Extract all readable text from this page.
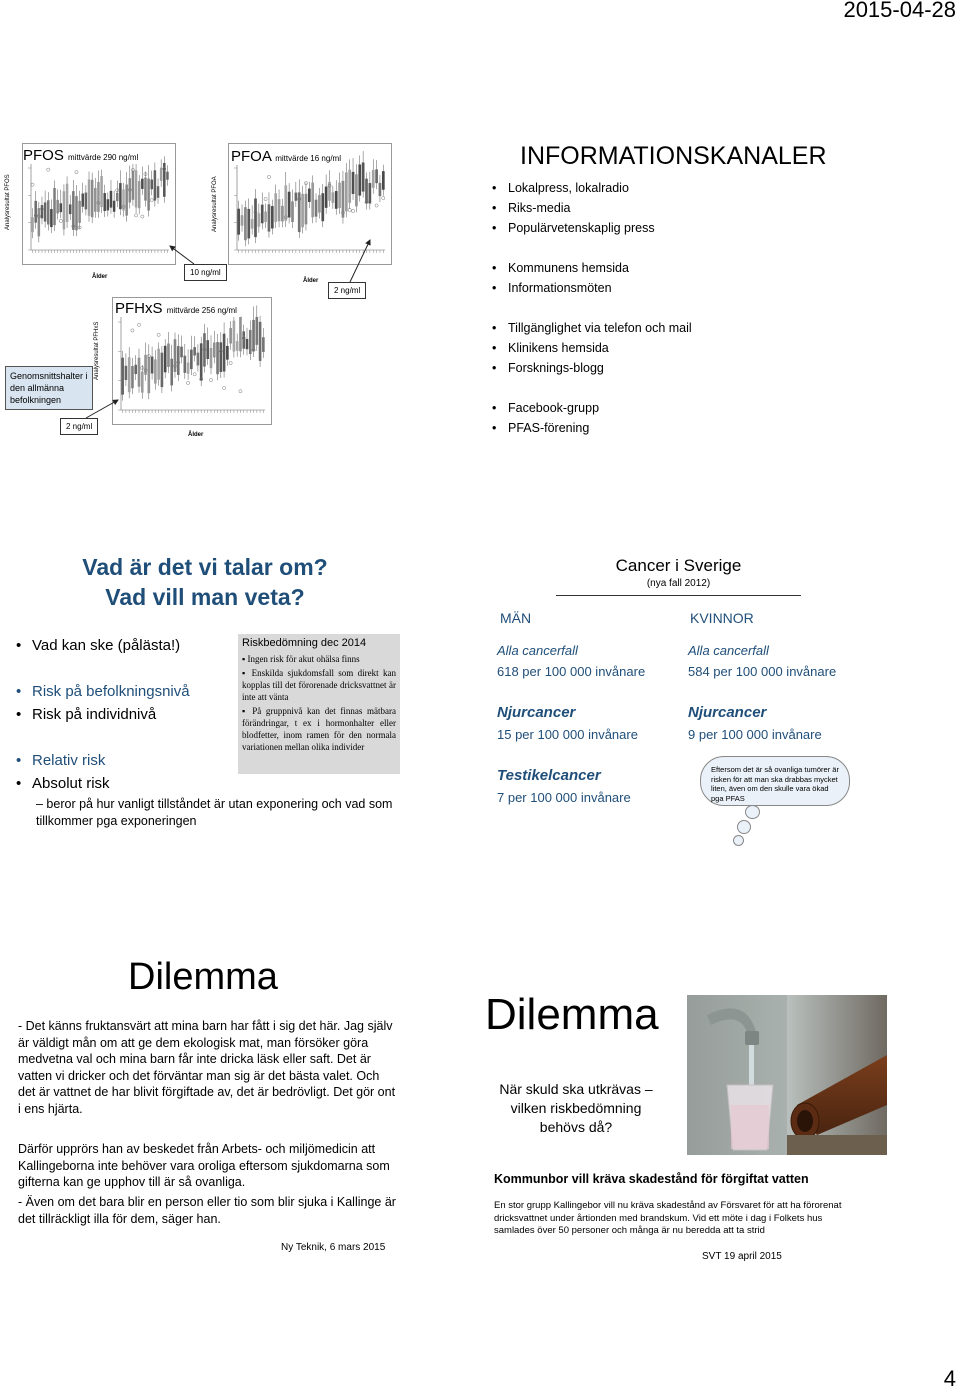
2015-04-28
4
PFOS mittvärde 290 ng/ml
Analysresultat PFOS
Ålder
PFOA mittvärde 16 ng/ml
Analysresultat PFOA
Ålder
PFHxS mittvärde 256 ng/ml
Analysresultat PFHxS
Ålder
10 ng/ml
2 ng/ml
2 ng/ml
Genomsnittshalter i den allmänna befolkningen
INFORMATIONSKANALER
• Lokalpress, lokalradio
• Riks-media
• Populärvetenskaplig press
• Kommunens hemsida
• Informationsmöten
• Tillgänglighet via telefon och mail
• Klinikens hemsida
• Forsknings-blogg
• Facebook-grupp
• PFAS-förening
Vad är det vi talar om?
Vad vill man veta?
• Vad kan ske (pålästa!)
• Risk på befolkningsnivå
• Risk på individnivå
• Relativ risk
• Absolut risk
– beror på hur vanligt tillståndet är utan exponering och vad som tillkommer pga exponeringen
Riskbedömning dec 2014
▪ Ingen risk för akut ohälsa finns
▪ Enskilda sjukdomsfall som direkt kan kopplas till det förorenade dricksvattnet är inte att vänta
▪ På gruppnivå kan det finnas mätbara förändringar, t ex i hormonhalter eller blodfetter, inom ramen för den normala variationen mellan olika individer
Cancer i Sverige
(nya fall 2012)
MÄN	KVINNOR
Alla cancerfall
618 per 100 000 invånare
Alla cancerfall
584 per 100 000 invånare
Njurcancer
15 per 100 000 invånare
Njurcancer
9 per 100 000 invånare
Testikelcancer
7 per 100 000 invånare
Eftersom det är så ovanliga tumörer är risken för att man ska drabbas mycket liten, även om den skulle vara ökad pga PFAS
Dilemma
- Det känns fruktansvärt att mina barn har fått i sig det här. Jag själv är väldigt mån om att ge dem ekologisk mat, man försöker göra medvetna val och mina barn får inte dricka läsk eller saft. Det är vatten vi dricker och det förväntar man sig är det bästa valet. Och det är vattnet de har blivit förgiftade av, det är bedrövligt. Det gör ont i ens hjärta.
Därför upprörs han av beskedet från Arbets- och miljömedicin att Kallingeborna inte behöver vara oroliga eftersom sjukdomarna som gifterna kan ge upphov till är så ovanliga.
- Även om det bara blir en person eller tio som blir sjuka i Kallinge är det tillräckligt illa för dem, säger han.
Ny Teknik, 6 mars 2015
Dilemma
När skuld ska utkrävas – vilken riskbedömning behövs då?
Kommunbor vill kräva skadestånd för förgiftat vatten
En stor grupp Kallingebor vill nu kräva skadestånd av Försvaret för att ha förorenat dricksvattnet under årtionden med brandskum. Vid ett möte i dag i Folkets hus samlades över 50 personer och många är nu beredda att ta strid
SVT 19 april 2015
